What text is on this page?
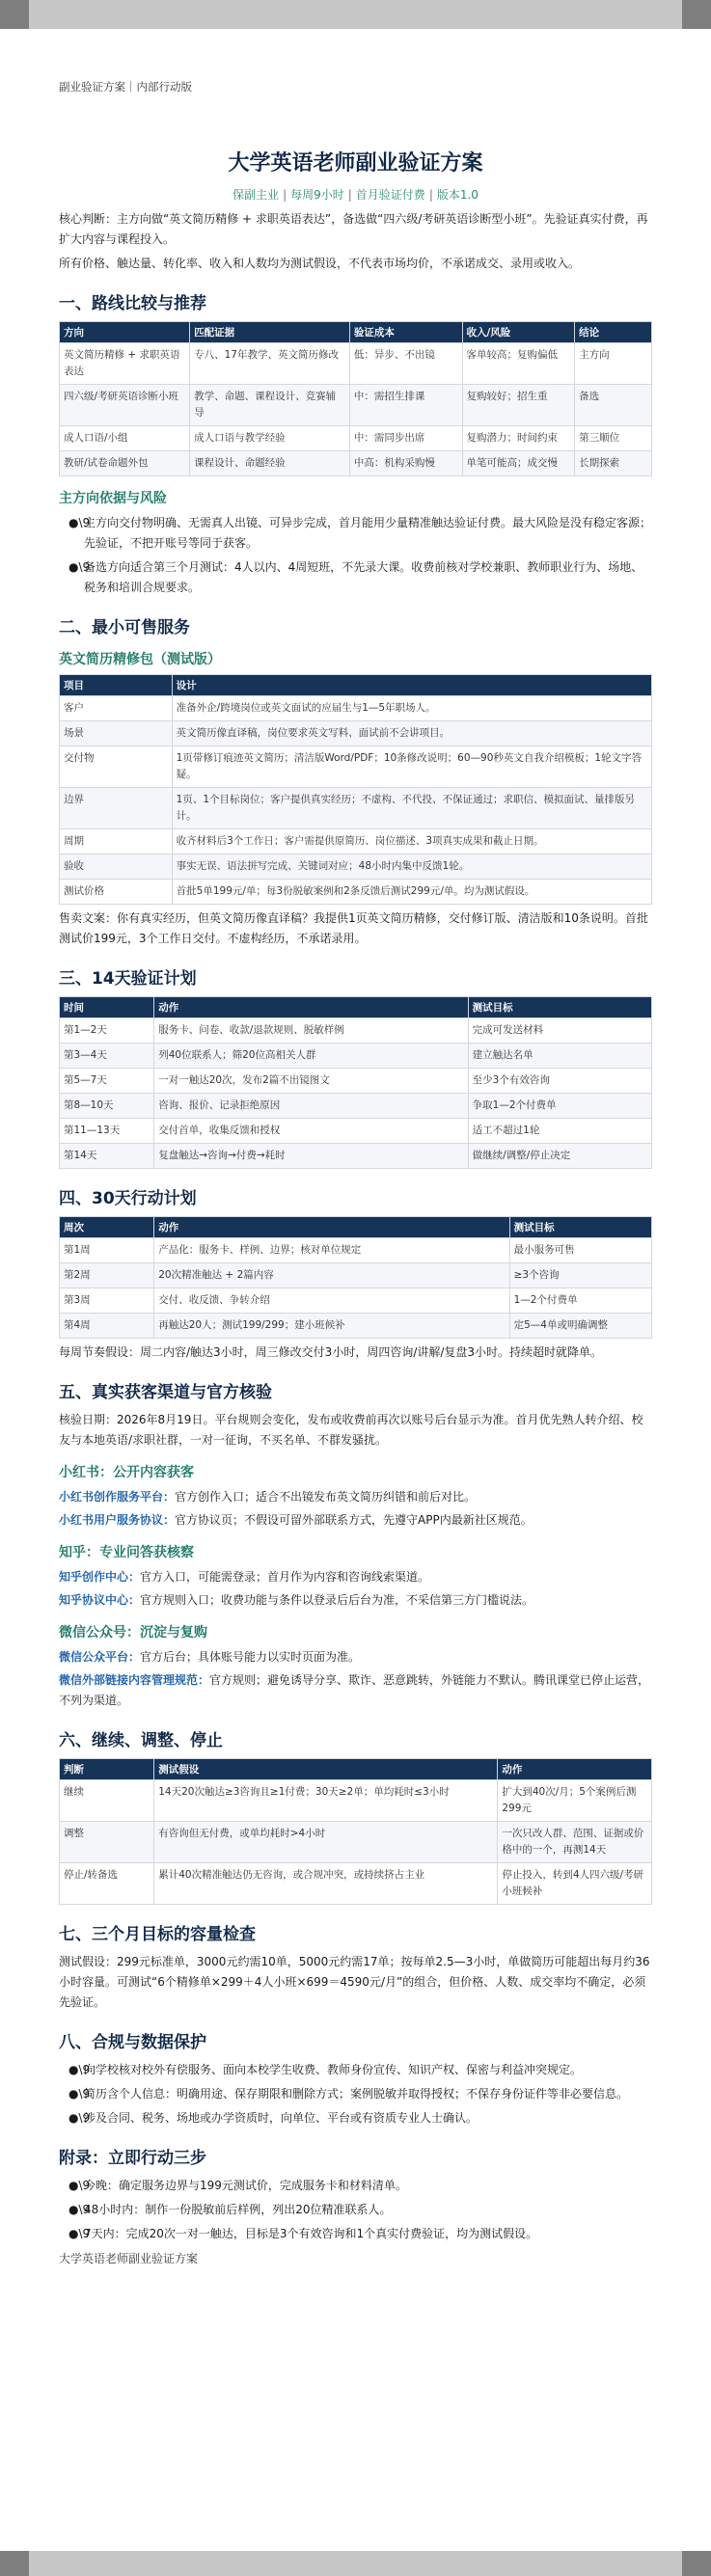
副业验证方案｜内部行动版
大学英语老师副业验证方案
保副主业 | 每周9小时 | 首月验证付费 | 版本1.0

核心判断：主方向做“英文简历精修 + 求职英语表达”，备选做“四六级/考研英语诊断型小班”。先验证真实付费，再扩大内容与课程投入。

所有价格、触达量、转化率、收入和人数均为测试假设，不代表市场均价，不承诺成交、录用或收入。

一、路线比较与推荐
方向	匹配证据	验证成本	收入/风险	结论
英文简历精修 + 求职英语表达	专八、17年教学、英文简历修改	低：异步、不出镜	客单较高；复购偏低	主方向
四六级/考研英语诊断小班	教学、命题、课程设计、竞赛辅导	中：需招生排课	复购较好；招生重	备选
成人口语/小组	成人口语与教学经验	中：需同步出席	复购潜力；时间约束	第三顺位
教研/试卷命题外包	课程设计、命题经验	中高：机构采购慢	单笔可能高；成交慢	长期探索
主方向依据与风险
●\9
主方向交付物明确、无需真人出镜、可异步完成，首月能用少量精准触达验证付费。最大风险是没有稳定客源；先验证，不把开账号等同于获客。
●\9
备选方向适合第三个月测试：4人以内、4周短班，不先录大课。收费前核对学校兼职、教师职业行为、场地、税务和培训合规要求。
二、最小可售服务
英文简历精修包（测试版）
项目	设计
客户	准备外企/跨境岗位或英文面试的应届生与1—5年职场人。
场景	英文简历像直译稿，岗位要求英文写料、面试前不会讲项目。
交付物	1页带修订痕迹英文简历；清洁版Word/PDF；10条修改说明；60—90秒英文自我介绍模板；1轮文字答疑。
边界	1页、1个目标岗位；客户提供真实经历；不虚构、不代投、不保证通过；求职信、模拟面试、量排版另计。
周期	收齐材料后3个工作日；客户需提供原简历、岗位描述、3项真实成果和截止日期。
验收	事实无误、语法拼写完成、关键词对应；48小时内集中反馈1轮。
测试价格	首批5单199元/单；每3份脱敏案例和2条反馈后测试299元/单。均为测试假设。

售卖文案：你有真实经历，但英文简历像直译稿？我提供1页英文简历精修，交付修订版、清洁版和10条说明。首批测试价199元，3个工作日交付。不虚构经历，不承诺录用。

三、14天验证计划
时间	动作	测试目标
第1—2天	服务卡、问卷、收款/退款规则、脱敏样例	完成可发送材料
第3—4天	列40位联系人；筛20位高相关人群	建立触达名单
第5—7天	一对一触达20次，发布2篇不出镜图文	至少3个有效咨询
第8—10天	咨询、报价、记录拒绝原因	争取1—2个付费单
第11—13天	交付首单，收集反馈和授权	适工不超过1轮
第14天	复盘触达→咨询→付费→耗时	做继续/调整/停止决定
四、30天行动计划
周次	动作	测试目标
第1周	产品化：服务卡、样例、边界；核对单位规定	最小服务可售
第2周	20次精准触达 + 2篇内容	≥3个咨询
第3周	交付、收反馈、争转介绍	1—2个付费单
第4周	再触达20人；测试199/299；建小班候补	定5—4单或明确调整

每周节奏假设：周二内容/触达3小时，周三修改交付3小时，周四咨询/讲解/复盘3小时。持续超时就降单。

五、真实获客渠道与官方核验

核验日期：2026年8月19日。平台规则会变化，发布或收费前再次以账号后台显示为准。首月优先熟人转介绍、校友与本地英语/求职社群，一对一征询，不买名单、不群发骚扰。

小红书：公开内容获客
小红书创作服务平台：官方创作入口；适合不出镜发布英文简历纠错和前后对比。
小红书用户服务协议：官方协议页；不假设可留外部联系方式，先遵守APP内最新社区规范。
知乎：专业问答获核察
知乎创作中心：官方入口，可能需登录；首月作为内容和咨询线索渠道。
知乎协议中心：官方规则入口；收费功能与条件以登录后后台为准，不采信第三方门槛说法。
微信公众号：沉淀与复购
微信公众平台：官方后台；具体账号能力以实时页面为准。
微信外部链接内容管理规范：官方规则；避免诱导分享、欺诈、恶意跳转，外链能力不默认。腾讯课堂已停止运营，不列为渠道。
六、继续、调整、停止
判断	测试假设	动作
继续	14天20次触达≥3咨询且≥1付费；30天≥2单；单均耗时≤3小时	扩大到40次/月；5个案例后测299元
调整	有咨询但无付费，或单均耗时>4小时	一次只改人群、范围、证据或价格中的一个，再测14天
停止/转备选	累计40次精准触达仍无咨询，或合规冲突，或持续挤占主业	停止投入，转到4人四六级/考研小班候补
七、三个月目标的容量检查

测试假设：299元标准单，3000元约需10单，5000元约需17单；按每单2.5—3小时，单做简历可能超出每月约36小时容量。可测试“6个精修单×299＋4人小班×699＝4590元/月”的组合，但价格、人数、成交率均不确定，必须先验证。

八、合规与数据保护
●\9
向学校核对校外有偿服务、面向本校学生收费、教师身份宣传、知识产权、保密与利益冲突规定。
●\9
简历含个人信息：明确用途、保存期限和删除方式；案例脱敏并取得授权；不保存身份证件等非必要信息。
●\9
涉及合同、税务、场地或办学资质时，向单位、平台或有资质专业人士确认。
附录：立即行动三步
●\9
今晚：确定服务边界与199元测试价，完成服务卡和材料清单。
●\9
48小时内：制作一份脱敏前后样例，列出20位精准联系人。
●\9
7天内：完成20次一对一触达，目标是3个有效咨询和1个真实付费验证，均为测试假设。
大学英语老师副业验证方案
